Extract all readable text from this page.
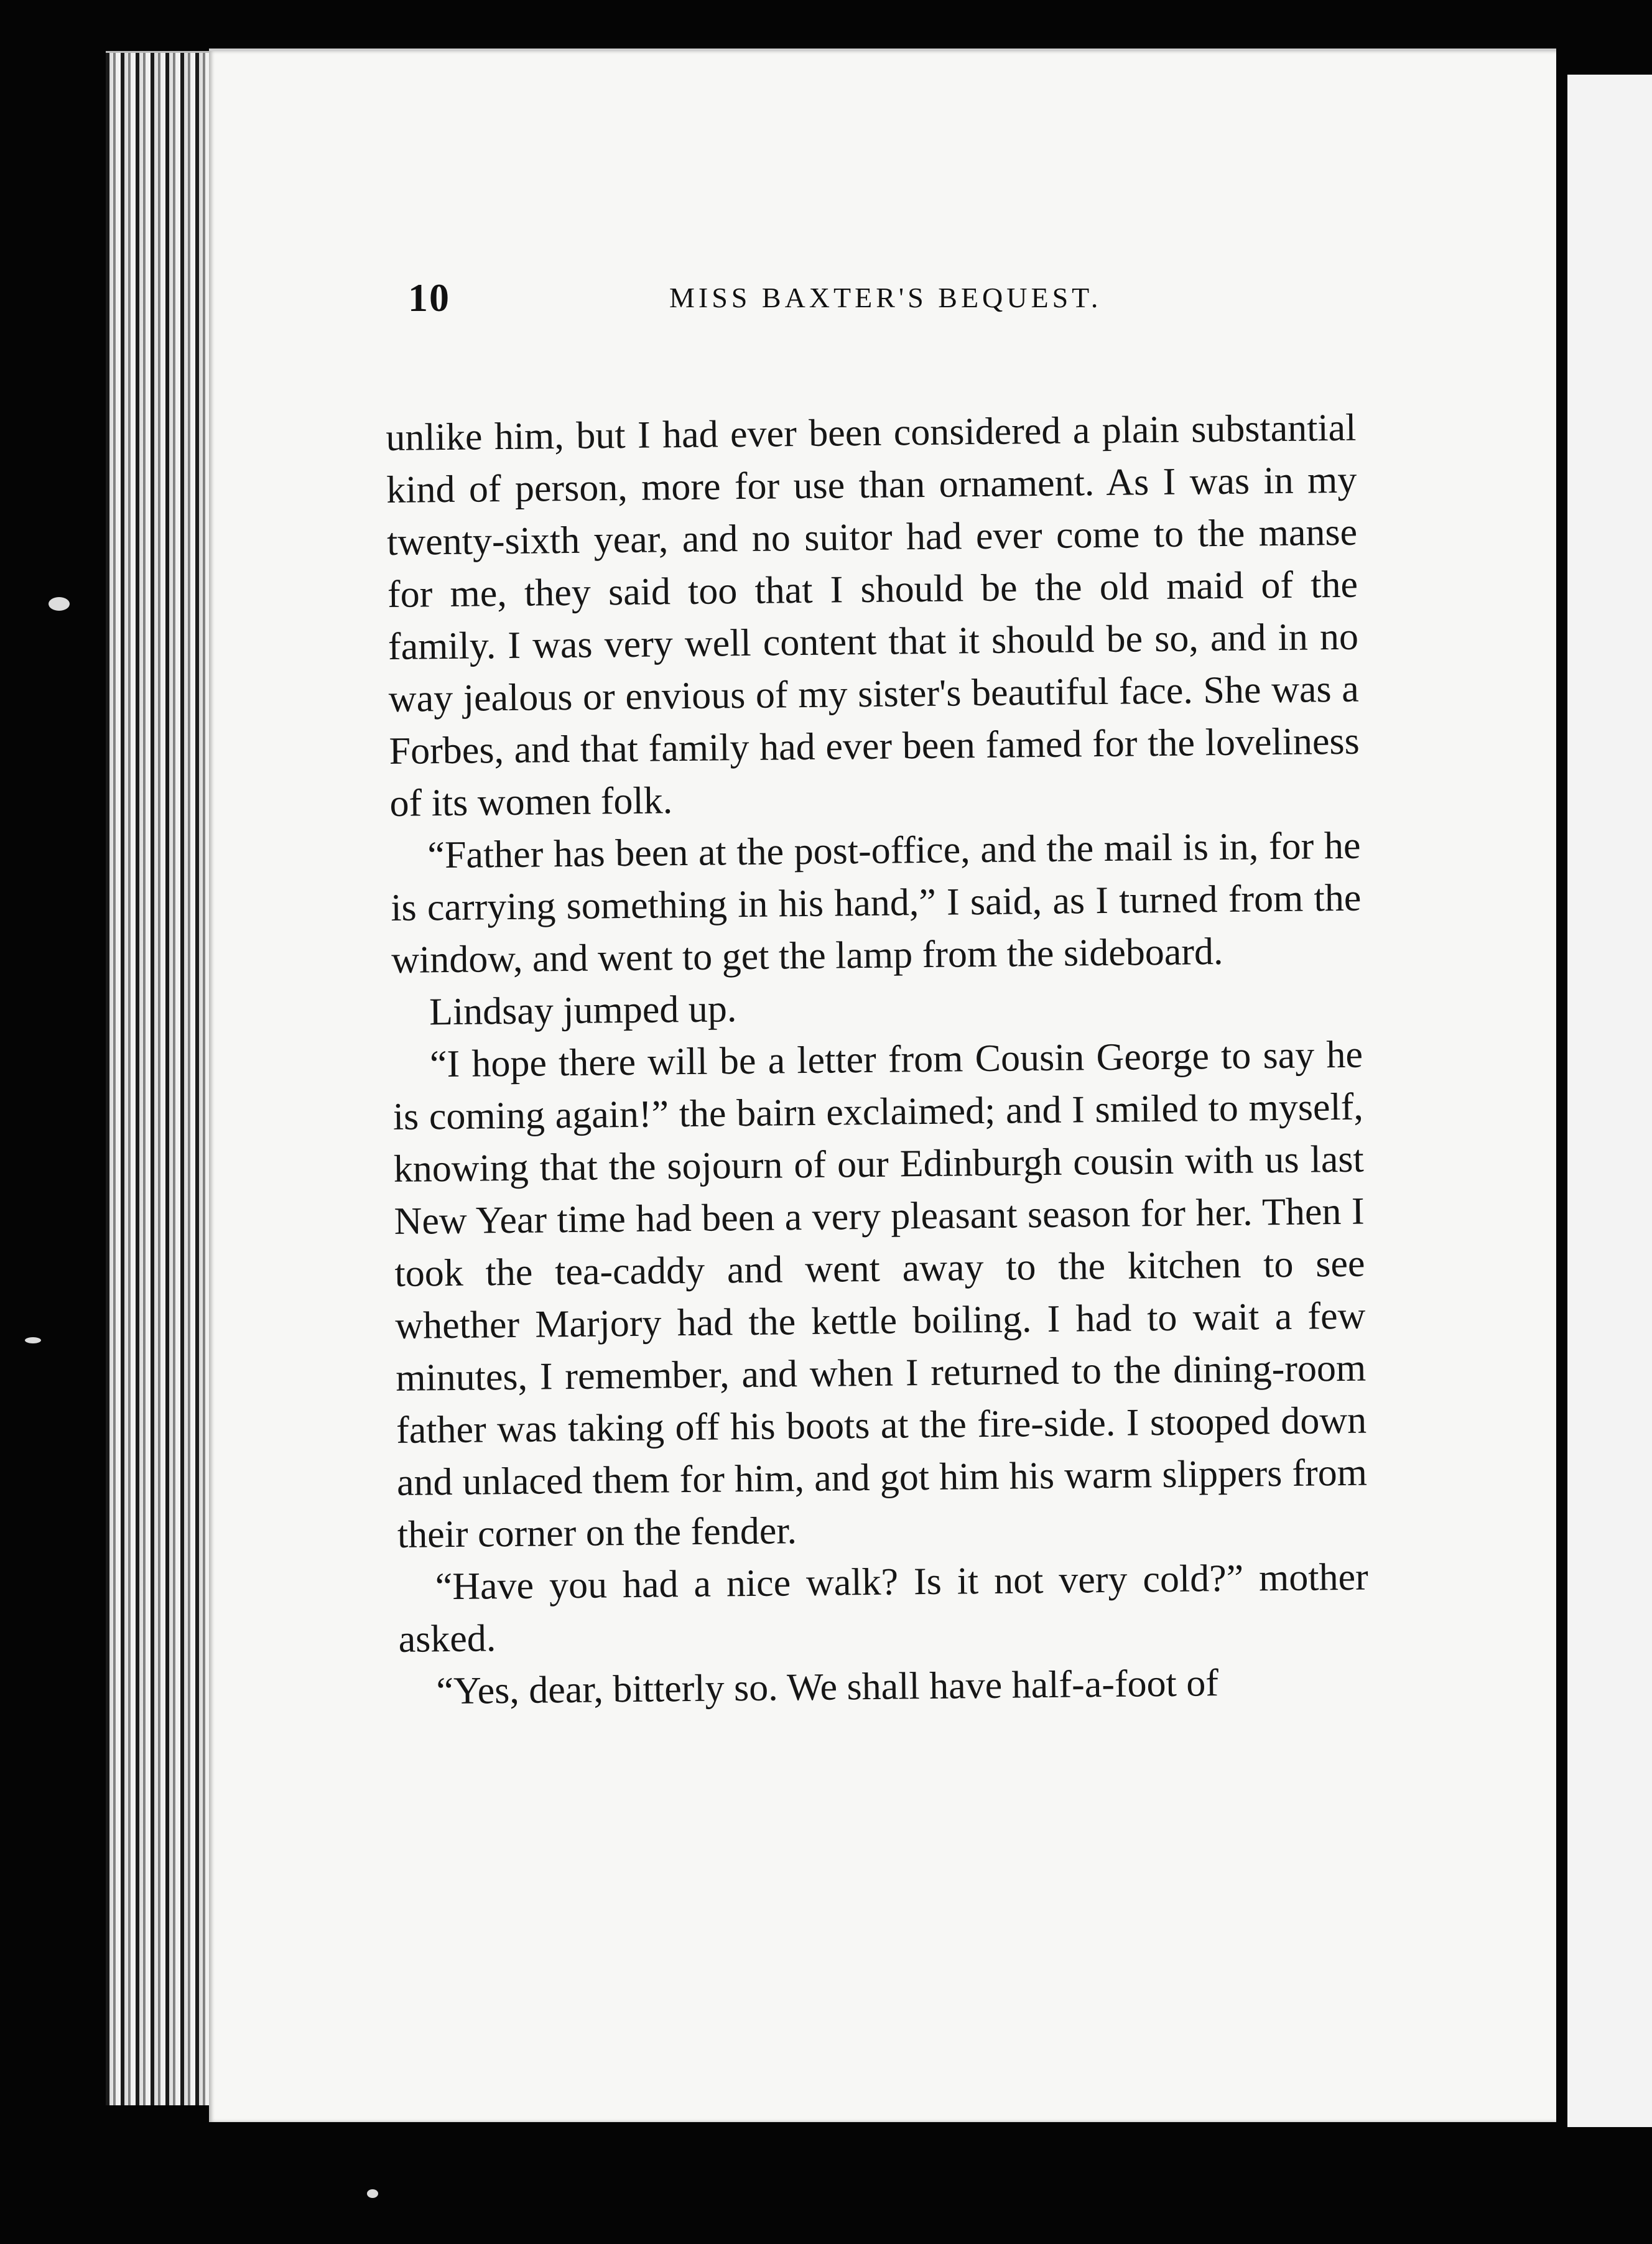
10	MISS BAXTER'S BEQUEST.

unlike him, but I had ever been considered a plain substantial kind of person, more for use than ornament. As I was in my twenty-sixth year, and no suitor had ever come to the manse for me, they said too that I should be the old maid of the family. I was very well content that it should be so, and in no way jealous or envious of my sister's beautiful face. She was a Forbes, and that family had ever been famed for the loveliness of its women folk.

“Father has been at the post-office, and the mail is in, for he is carrying something in his hand,” I said, as I turned from the window, and went to get the lamp from the sideboard.

Lindsay jumped up.

“I hope there will be a letter from Cousin George to say he is coming again!” the bairn exclaimed; and I smiled to myself, knowing that the sojourn of our Edinburgh cousin with us last New Year time had been a very pleasant season for her. Then I took the tea-caddy and went away to the kitchen to see whether Marjory had the kettle boiling. I had to wait a few minutes, I remember, and when I returned to the dining-room father was taking off his boots at the fire-side. I stooped down and unlaced them for him, and got him his warm slippers from their corner on the fender.

“Have you had a nice walk? Is it not very cold?” mother asked.

“Yes, dear, bitterly so. We shall have half-a-foot of
